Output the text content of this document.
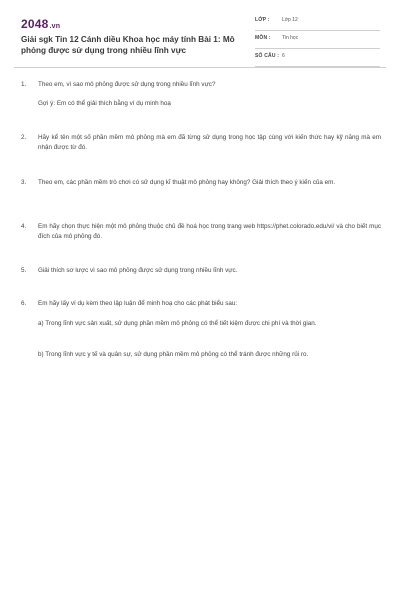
2048.vn
Giải sgk Tin 12 Cánh diều Khoa học máy tính Bài 1: Mô phỏng được sử dụng trong nhiều lĩnh vực
LỚP :	Lớp 12
MÔN :	Tin học
SỐ CÂU : 6
1.	Theo em, vì sao mô phỏng được sử dụng trong nhiều lĩnh vực?
Gợi ý: Em có thể giải thích bằng ví dụ minh hoạ
2.	Hãy kể tên một số phần mềm mô phỏng mà em đã từng sử dụng trong học tập cùng với kiến thức hay kỹ năng mà em nhận được từ đó.
3.	Theo em, các phần mềm trò chơi có sử dụng kĩ thuật mô phỏng hay không? Giải thích theo ý kiến của em.
4.	Em hãy chọn thực hiện một mô phỏng thuộc chủ đề hoá học trong trang web https://phet.colorado.edu/vi/ và cho biết mục đích của mô phỏng đó.
5.	Giải thích sơ lược vì sao mô phỏng được sử dụng trong nhiều lĩnh vực.
6.	Em hãy lấy ví dụ kèm theo lập luận để minh hoạ cho các phát biểu sau:
a) Trong lĩnh vực sản xuất, sử dụng phần mềm mô phỏng có thể tiết kiệm được chi phí và thời gian.
b) Trong lĩnh vực y tế và quân sự, sử dụng phần mềm mô phỏng có thể tránh được những rủi ro.
